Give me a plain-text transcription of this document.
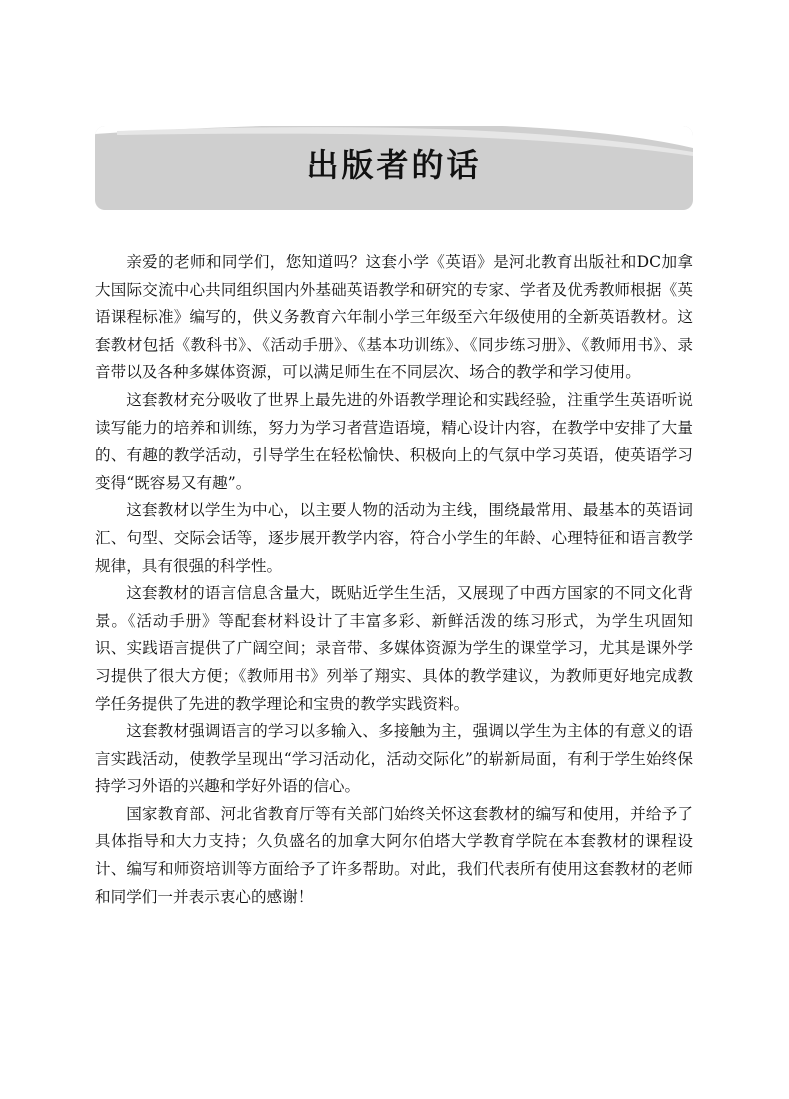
出版者的话

亲爱的老师和同学们，您知道吗？这套小学《英语》是河北教育出版社和DC加拿大国际交流中心共同组织国内外基础英语教学和研究的专家、学者及优秀教师根据《英语课程标准》编写的，供义务教育六年制小学三年级至六年级使用的全新英语教材。这套教材包括《教科书》、《活动手册》、《基本功训练》、《同步练习册》、《教师用书》、录音带以及各种多媒体资源，可以满足师生在不同层次、场合的教学和学习使用。

这套教材充分吸收了世界上最先进的外语教学理论和实践经验，注重学生英语听说读写能力的培养和训练，努力为学习者营造语境，精心设计内容，在教学中安排了大量的、有趣的教学活动，引导学生在轻松愉快、积极向上的气氛中学习英语，使英语学习变得“既容易又有趣”。

这套教材以学生为中心，以主要人物的活动为主线，围绕最常用、最基本的英语词汇、句型、交际会话等，逐步展开教学内容，符合小学生的年龄、心理特征和语言教学规律，具有很强的科学性。

这套教材的语言信息含量大，既贴近学生生活，又展现了中西方国家的不同文化背景。《活动手册》等配套材料设计了丰富多彩、新鲜活泼的练习形式，为学生巩固知识、实践语言提供了广阔空间；录音带、多媒体资源为学生的课堂学习，尤其是课外学习提供了很大方便；《教师用书》列举了翔实、具体的教学建议，为教师更好地完成教学任务提供了先进的教学理论和宝贵的教学实践资料。

这套教材强调语言的学习以多输入、多接触为主，强调以学生为主体的有意义的语言实践活动，使教学呈现出“学习活动化，活动交际化”的崭新局面，有利于学生始终保持学习外语的兴趣和学好外语的信心。

国家教育部、河北省教育厅等有关部门始终关怀这套教材的编写和使用，并给予了具体指导和大力支持；久负盛名的加拿大阿尔伯塔大学教育学院在本套教材的课程设计、编写和师资培训等方面给予了许多帮助。对此，我们代表所有使用这套教材的老师和同学们一并表示衷心的感谢！
